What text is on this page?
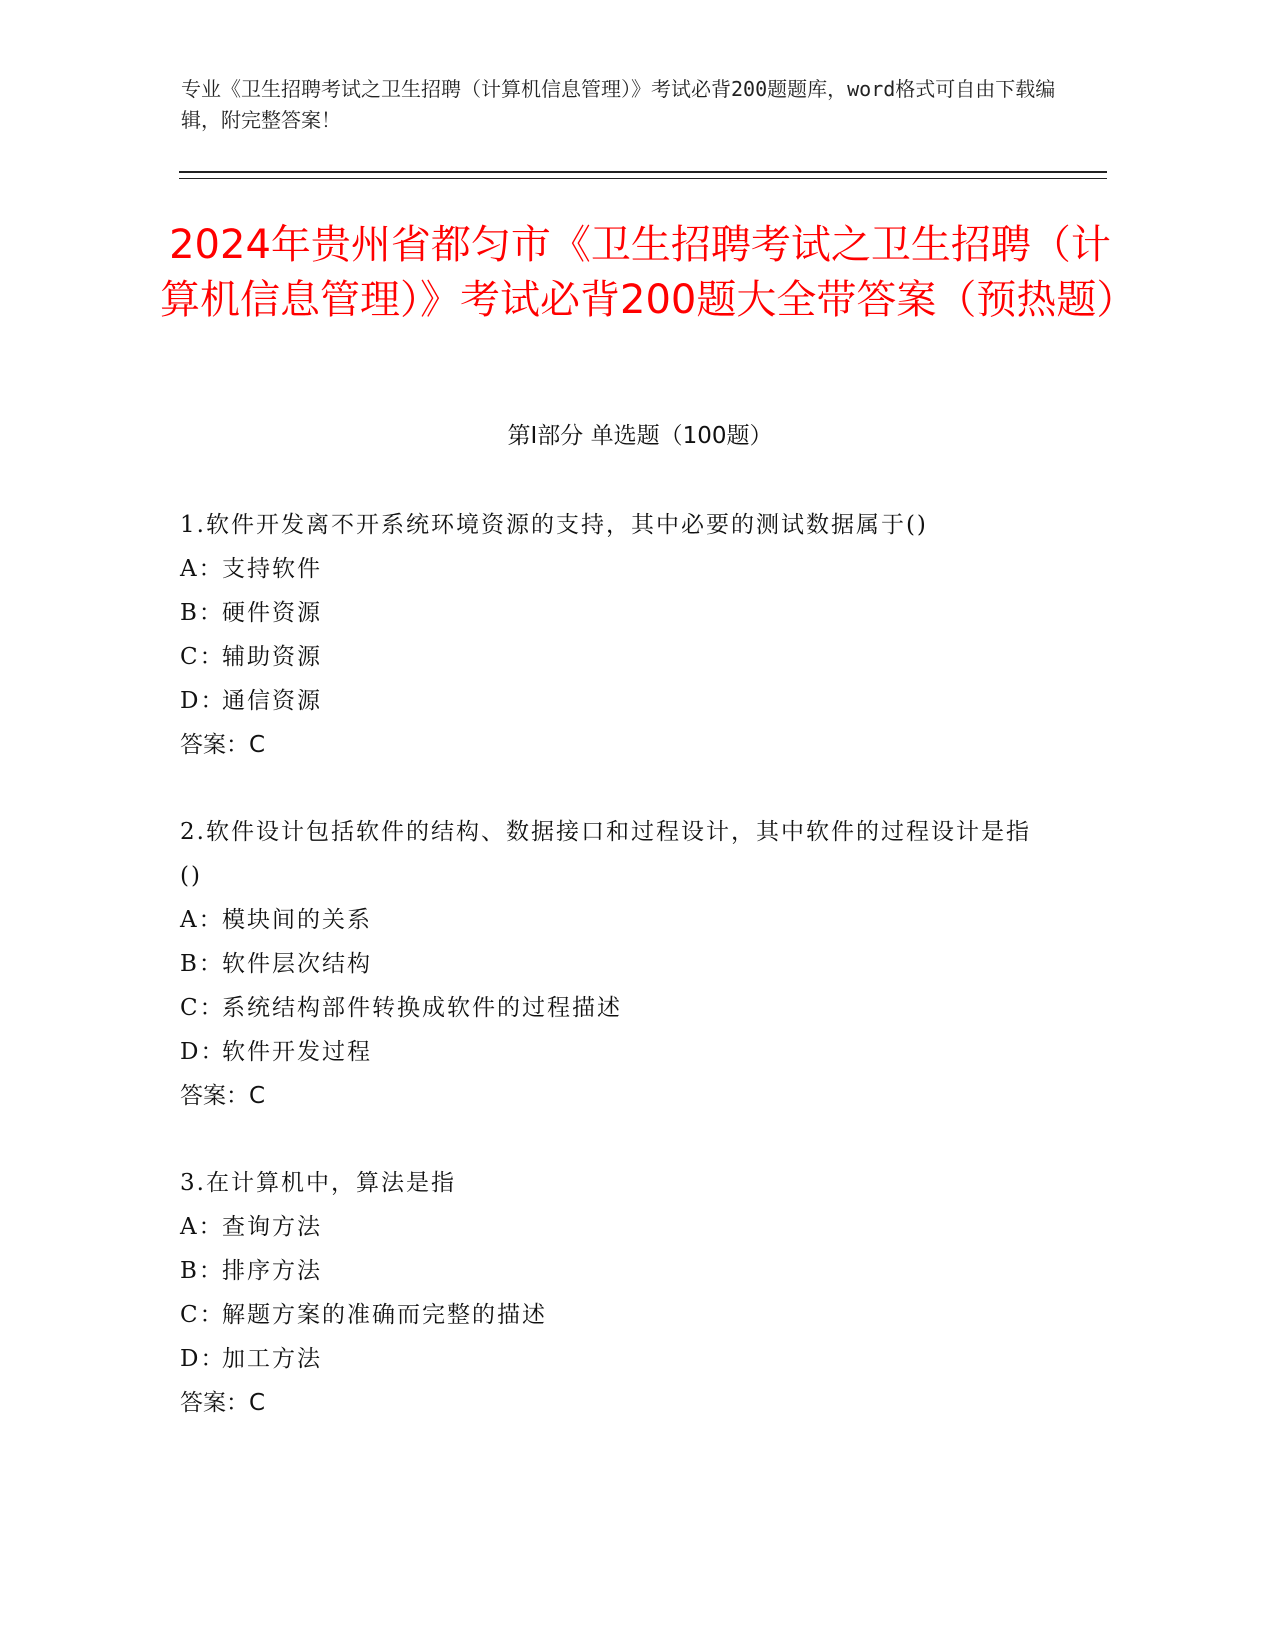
专业《卫生招聘考试之卫生招聘（计算机信息管理）》考试必背200题题库，word格式可自由下载编辑，附完整答案！
2024年贵州省都匀市《卫生招聘考试之卫生招聘（计算机信息管理）》考试必背200题大全带答案（预热题）
第Ⅰ部分 单选题（100题）
1.软件开发离不开系统环境资源的支持，其中必要的测试数据属于()
A：
支持软件
B：
硬件资源
C：
辅助资源
D：
通信资源
答案：C
2.软件设计包括软件的结构、数据接口和过程设计，其中软件的过程设计是指()
A：
模块间的关系
B：
软件层次结构
C：
系统结构部件转换成软件的过程描述
D：
软件开发过程
答案：C
3.在计算机中，算法是指
A：
查询方法
B：
排序方法
C：
解题方案的准确而完整的描述
D：
加工方法
答案：C
